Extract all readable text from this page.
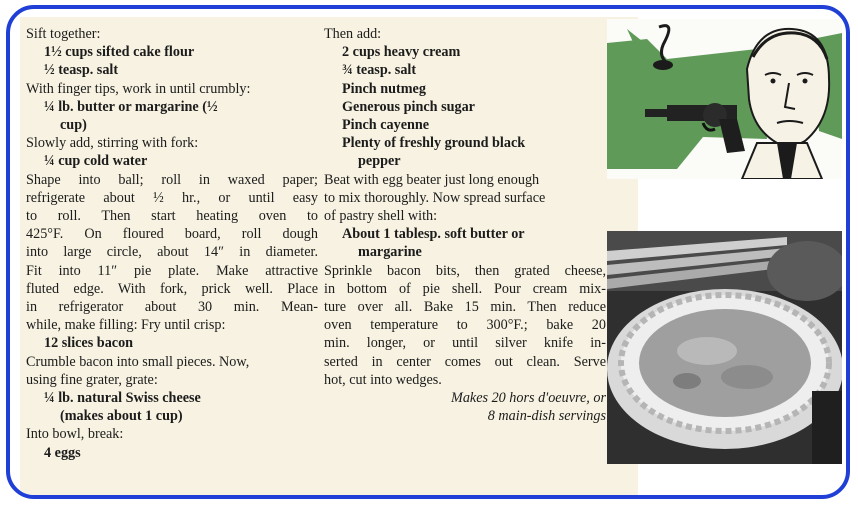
Sift together:
1½ cups sifted cake flour
½ teasp. salt
With finger tips, work in until crumbly:
¼ lb. butter or margarine (½
cup)
Slowly add, stirring with fork:
¼ cup cold water
Shape into ball; roll in waxed paper;
refrigerate about ½ hr., or until easy
to roll. Then start heating oven to
425°F. On floured board, roll dough
into large circle, about 14″ in diameter.
Fit into 11″ pie plate. Make attractive
fluted edge. With fork, prick well. Place
in refrigerator about 30 min. Mean-
while, make filling: Fry until crisp:
12 slices bacon
Crumble bacon into small pieces. Now,
using fine grater, grate:
¼ lb. natural Swiss cheese
(makes about 1 cup)
Into bowl, break:
4 eggs
Then add:
2 cups heavy cream
¾ teasp. salt
Pinch nutmeg
Generous pinch sugar
Pinch cayenne
Plenty of freshly ground black
pepper
Beat with egg beater just long enough
to mix thoroughly. Now spread surface
of pastry shell with:
About 1 tablesp. soft butter or
margarine
Sprinkle bacon bits, then grated cheese,
in bottom of pie shell. Pour cream mix-
ture over all. Bake 15 min. Then reduce
oven temperature to 300°F.; bake 20
min. longer, or until silver knife in-
serted in center comes out clean. Serve
hot, cut into wedges.
Makes 20 hors d'oeuvre, or
8 main-dish servings
